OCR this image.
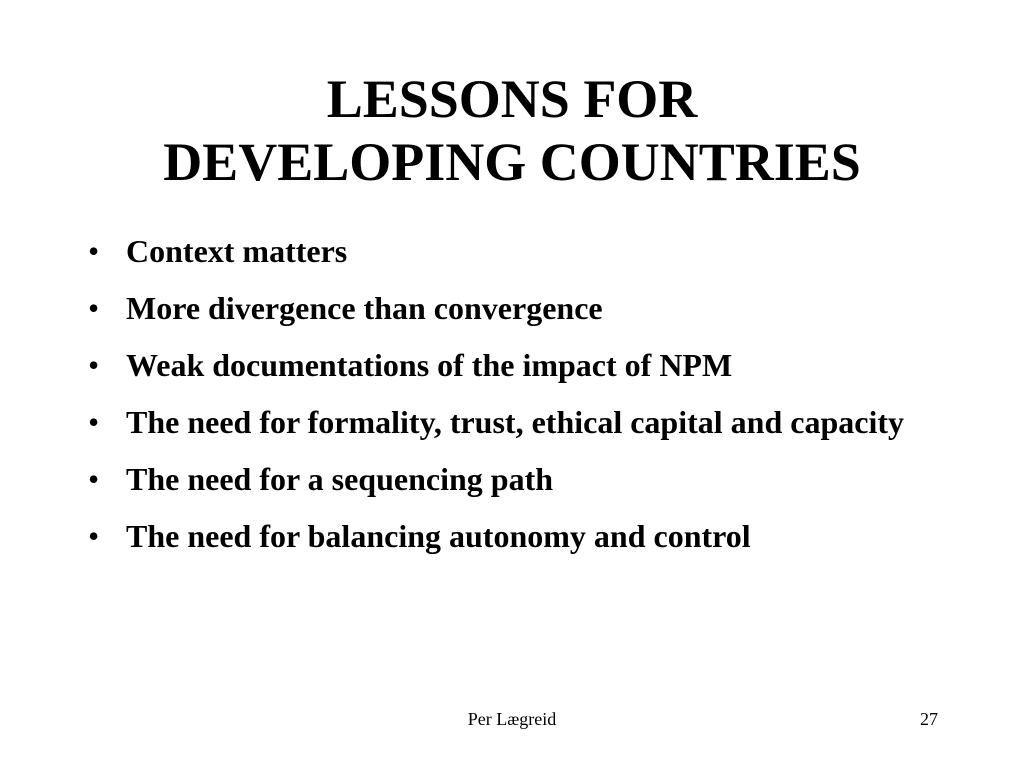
LESSONS FOR
DEVELOPING COUNTRIES
• Context matters
• More divergence than convergence
• Weak documentations of the impact of NPM
• The need for formality, trust, ethical capital and capacity
• The need for a sequencing path
• The need for balancing autonomy and control
Per Lægreid	27
